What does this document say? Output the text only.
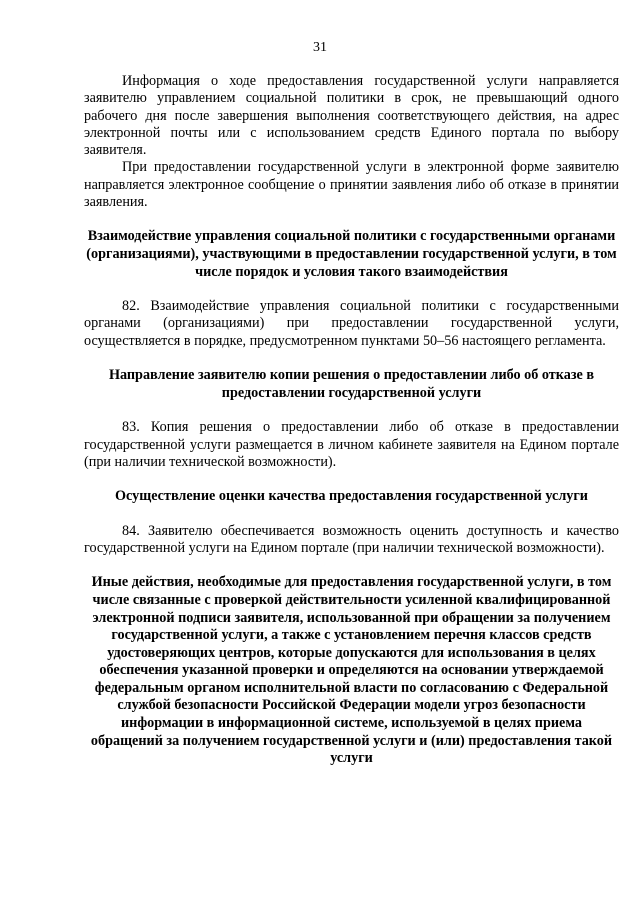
31

Информация о ходе предоставления государственной услуги направляется заявителю управлением социальной политики в срок, не превышающий одного рабочего дня после завершения выполнения соответствующего действия, на адрес электронной почты или с использованием средств Единого портала по выбору заявителя.

При предоставлении государственной услуги в электронной форме заявителю направляется электронное сообщение о принятии заявления либо об отказе в принятии заявления.

Взаимодействие управления социальной политики с государственными органами (организациями), участвующими в предоставлении государственной услуги, в том числе порядок и условия такого взаимодействия

82. Взаимодействие управления социальной политики с государственными органами (организациями) при предоставлении государственной услуги, осуществляется в порядке, предусмотренном пунктами 50–56 настоящего регламента.

Направление заявителю копии решения о предоставлении либо об отказе в предоставлении государственной услуги

83. Копия решения о предоставлении либо об отказе в предоставлении государственной услуги размещается в личном кабинете заявителя на Едином портале (при наличии технической возможности).

Осуществление оценки качества предоставления государственной услуги

84. Заявителю обеспечивается возможность оценить доступность и качество государственной услуги на Едином портале (при наличии технической возможности).

Иные действия, необходимые для предоставления государственной услуги, в том числе связанные с проверкой действительности усиленной квалифицированной электронной подписи заявителя, использованной при обращении за получением государственной услуги, а также с установлением перечня классов средств удостоверяющих центров, которые допускаются для использования в целях обеспечения указанной проверки и определяются на основании утверждаемой федеральным органом исполнительной власти по согласованию с Федеральной службой безопасности Российской Федерации модели угроз безопасности информации в информационной системе, используемой в целях приема обращений за получением государственной услуги и (или) предоставления такой услуги
